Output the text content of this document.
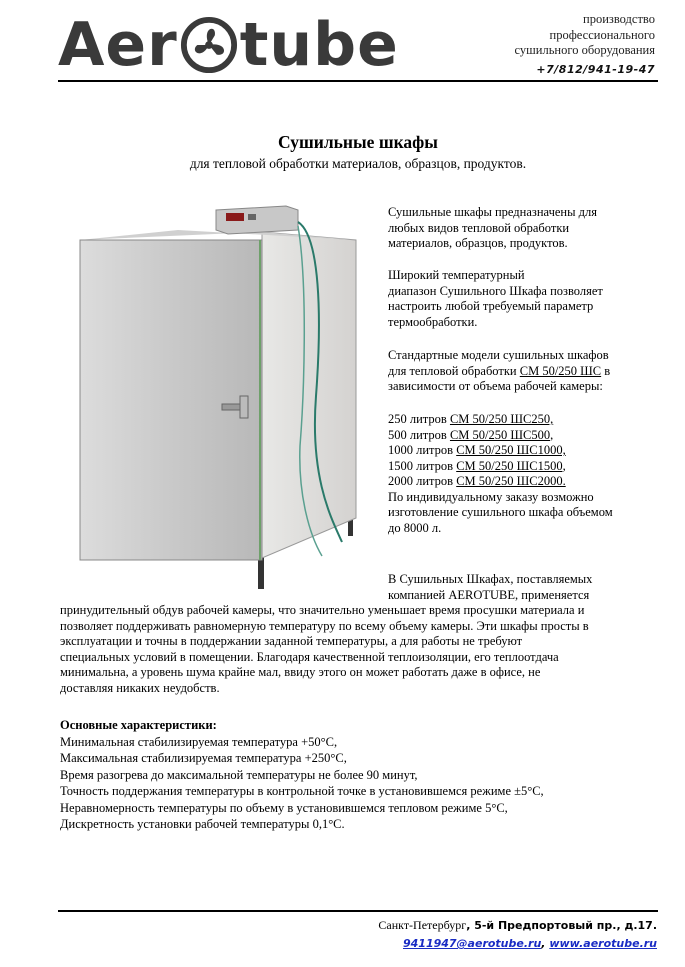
Aer tube	производство
профессионального
сушильного оборудования
+7/812/941-19-47
Сушильные шкафы
для тепловой обработки материалов, образцов, продуктов.

Сушильные шкафы предназначены для

любых видов тепловой обработки

материалов, образцов, продуктов.

Широкий температурный

диапазон Сушильного Шкафа позволяет

настроить любой требуемый параметр

термообработки.

Стандартные модели сушильных шкафов

для тепловой обработки СМ 50/250 ШС в

зависимости от объема рабочей камеры:

250 литров СМ 50/250 ШС250,

500 литров СМ 50/250 ШС500,

1000 литров СМ 50/250 ШС1000,

1500 литров СМ 50/250 ШС1500,

2000 литров СМ 50/250 ШС2000.

По индивидуальному заказу возможно

изготовление сушильного шкафа объемом

до 8000 л.

В Сушильных Шкафах, поставляемых

компанией AEROTUBE, применяется

принудительный обдув рабочей камеры, что значительно уменьшает время просушки материала и

позволяет поддерживать равномерную температуру по всему объему камеры. Эти шкафы просты в

эксплуатации и точны в поддержании заданной температуры, а для работы не требуют

специальных условий в помещении. Благодаря качественной теплоизоляции, его теплоотдача

минимальна, а уровень шума крайне мал, ввиду этого он может работать даже в офисе, не

доставляя никаких неудобств.

Основные характеристики:
Минимальная стабилизируемая температура +50°С,
Максимальная стабилизируемая температура +250°С,
Время разогрева до максимальной температуры не более 90 минут,
Точность поддержания температуры в контрольной точке в установившемся режиме ±5°С,
Неравномерность температуры по объему в установившемся тепловом режиме 5°С,
Дискретность установки рабочей температуры 0,1°С.
Санкт-Петербург, 5-й Предпортовый пр., д.17.
9411947@aerotube.ru, www.aerotube.ru
